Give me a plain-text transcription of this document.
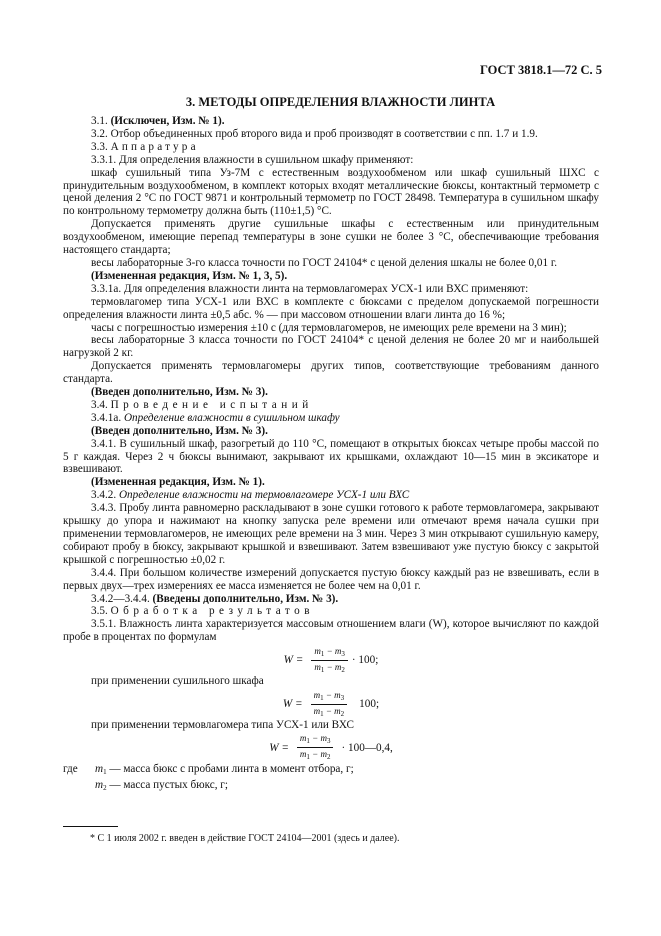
ГОСТ 3818.1—72 С. 5
3. МЕТОДЫ ОПРЕДЕЛЕНИЯ ВЛАЖНОСТИ ЛИНТА

3.1. (Исключен, Изм. № 1).

3.2. Отбор объединенных проб второго вида и проб производят в соответствии с пп. 1.7 и 1.9.

3.3. Аппаратура

3.3.1. Для определения влажности в сушильном шкафу применяют:

шкаф сушильный типа Уз-7М с естественным воздухообменом или шкаф сушильный ШХС с принудительным воздухообменом, в комплект которых входят металлические бюксы, контактный термометр с ценой деления 2 °С по ГОСТ 9871 и контрольный термометр по ГОСТ 28498. Температура в сушильном шкафу по контрольному термометру должна быть (110±1,5) °С.

Допускается применять другие сушильные шкафы с естественным или принудительным воздухообменом, имеющие перепад температуры в зоне сушки не более 3 °С, обеспечивающие требования настоящего стандарта;

весы лабораторные 3-го класса точности по ГОСТ 24104* с ценой деления шкалы не более 0,01 г.

(Измененная редакция, Изм. № 1, 3, 5).

3.3.1а. Для определения влажности линта на термовлагомерах УСХ-1 или ВХС применяют:

термовлагомер типа УСХ-1 или ВХС в комплекте с бюксами с пределом допускаемой погрешности определения влажности линта ±0,5 абс. % — при массовом отношении влаги линта до 16 %;

часы с погрешностью измерения ±10 с (для термовлагомеров, не имеющих реле времени на 3 мин);

весы лабораторные 3 класса точности по ГОСТ 24104* с ценой деления не более 20 мг и наибольшей нагрузкой 2 кг.

Допускается применять термовлагомеры других типов, соответствующие требованиям данного стандарта.

(Введен дополнительно, Изм. № 3).

3.4. Проведение испытаний

3.4.1а. Определение влажности в сушильном шкафу

(Введен дополнительно, Изм. № 3).

3.4.1. В сушильный шкаф, разогретый до 110 °С, помещают в открытых бюксах четыре пробы массой по 5 г каждая. Через 2 ч бюксы вынимают, закрывают их крышками, охлаждают 10—15 мин в эксикаторе и взвешивают.

(Измененная редакция, Изм. № 1).

3.4.2. Определение влажности на термовлагомере УСХ-1 или ВХС

3.4.3. Пробу линта равномерно раскладывают в зоне сушки готового к работе термовлагомера, закрывают крышку до упора и нажимают на кнопку запуска реле времени или отмечают время начала сушки при применении термовлагомеров, не имеющих реле времени на 3 мин. Через 3 мин открывают сушильную камеру, собирают пробу в бюксу, закрывают крышкой и взвешивают. Затем взвешивают уже пустую бюксу с закрытой крышкой с погрешностью ±0,02 г.

3.4.4. При большом количестве измерений допускается пустую бюксу каждый раз не взвешивать, если в первых двух—трех измерениях ее масса изменяется не более чем на 0,01 г.

3.4.2—3.4.4. (Введены дополнительно, Изм. № 3).

3.5. Обработка результатов

3.5.1. Влажность линта характеризуется массовым отношением влаги (W), которое вычисляют по каждой пробе в процентах по формулам

$W = \frac{m_1 - m_3}{m_1 - m_2} \cdot 100$;

при применении сушильного шкафа

$W = \frac{m_1 - m_3}{m_1 - m_2} 100$;

при применении термовлагомера типа УСХ-1 или ВХС

$W = \frac{m_1 - m_3}{m_1 - m_2}$ · 100—0,4,
где	$m_1$ — масса бюкс с пробами линта в момент отбора, г;
$m_2$ — масса пустых бюкс, г;
* С 1 июля 2002 г. введен в действие ГОСТ 24104—2001 (здесь и далее).
